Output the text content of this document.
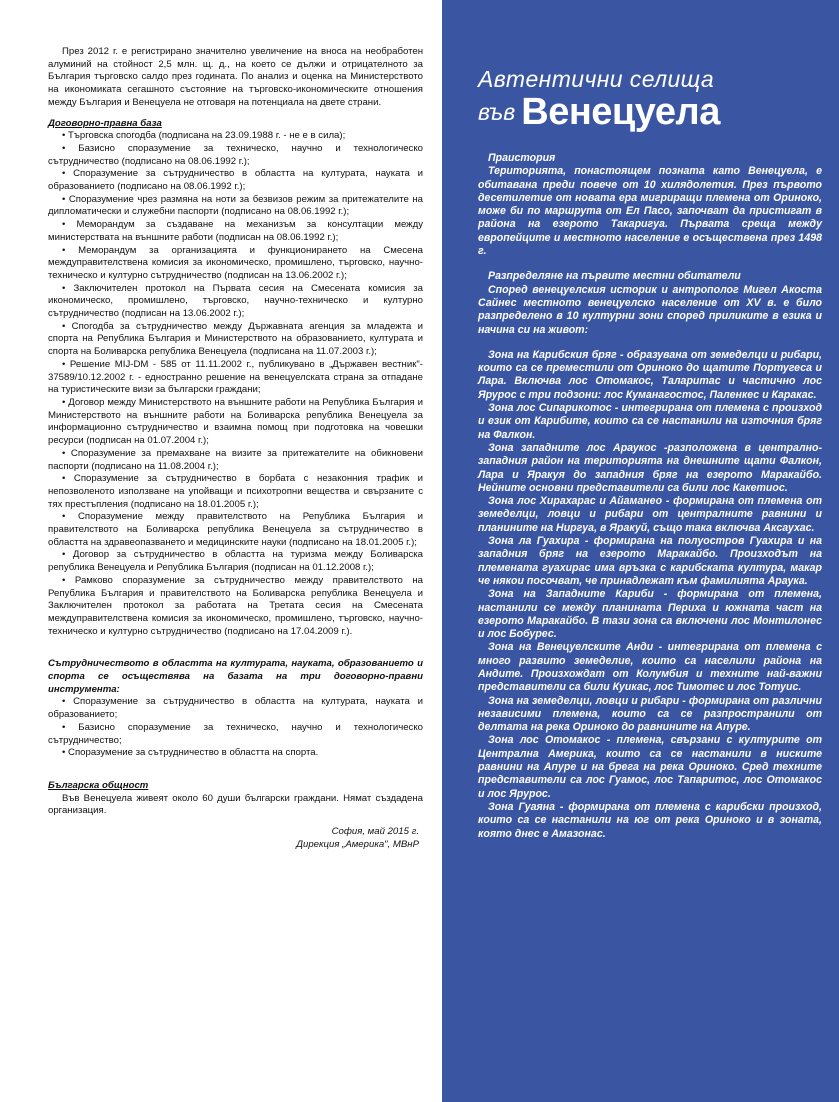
През 2012 г. е регистрирано значително увеличение на вноса на необработен алуминий на стойност 2,5 млн. щ. д., на което се дължи и отрицателното за България търговско салдо през годината. По анализ и оценка на Министерството на икономиката сегашното състояние на търговско-икономическите отношения между България и Венецуела не отговаря на потенциала на двете страни.

Договорно-правна база

• Търговска спогодба (подписана на 23.09.1988 г. - не е в сила);

• Базисно споразумение за техническо, научно и технологическо сътрудничество (подписано на 08.06.1992 г.);

• Споразумение за сътрудничество в областта на културата, науката и образованието (подписано на 08.06.1992 г.);

• Споразумение чрез размяна на ноти за безвизов режим за притежателите на дипломатически и служебни паспорти (подписано на 08.06.1992 г.);

• Меморандум за създаване на механизъм за консултации между министерствата на външните работи (подписан на 08.06.1992 г.);

• Меморандум за организацията и функционирането на Смесена междуправителствена комисия за икономическо, промишлено, търговско, научно-техническо и културно сътрудничество (подписан на 13.06.2002 г.);

• Заключителен протокол на Първата сесия на Смесената комисия за икономическо, промишлено, търговско, научно-техническо и културно сътрудничество (подписан на 13.06.2002 г.);

• Спогодба за сътрудничество между Държавната агенция за младежта и спорта на Република България и Министерството на образованието, културата и спорта на Боливарска република Венецуела (подписана на 11.07.2003 г.);

• Решение MIJ-DM - 585 от 11.11.2002 г., публикувано в „Държавен вестник"- 37589/10.12.2002 г. - едностранно решение на венецуелската страна за отпадане на туристическите визи за български граждани;

• Договор между Министерството на външните работи на Република България и Министерството на външните работи на Боливарска република Венецуела за информационно сътрудничество и взаимна помощ при подготовка на човешки ресурси (подписан на 01.07.2004 г.);

• Споразумение за премахване на визите за притежателите на обикновени паспорти (подписано на 11.08.2004 г.);

• Споразумение за сътрудничество в борбата с незаконния трафик и непозволеното използване на упойващи и психотропни вещества и свързаните с тях престъпления (подписано на 18.01.2005 г.);

• Споразумение между правителството на Република България и правителството на Боливарска република Венецуела за сътрудничество в областта на здравеопазването и медицинските науки (подписано на 18.01.2005 г.);

• Договор за сътрудничество в областта на туризма между Боливарска република Венецуела и Република България (подписан на 01.12.2008 г.);

• Рамково споразумение за сътрудничество между правителството на Република България и правителството на Боливарска република Венецуела и Заключителен протокол за работата на Третата сесия на Смесената междуправителствена комисия за икономическо, промишлено, търговско, научно-техническо и културно сътрудничество (подписано на 17.04.2009 г.).

Сътрудничеството в областта на културата, науката, образованието и спорта се осъществява на базата на три договорно-правни инструмента:

• Споразумение за сътрудничество в областта на културата, науката и образованието;

• Базисно споразумение за техническо, научно и технологическо сътрудничество;

• Споразумение за сътрудничество в областта на спорта.

Българска общност

Във Венецуела живеят около 60 души български граждани. Нямат създадена организация.

София, май 2015 г.

Дирекция „Америка", МВнР

Автентични селища
във Венецуела

Праистория

Територията, понастоящем позната като Венецуела, е обитавана преди повече от 10 хилядолетия. През първото десетилетие от новата ера мигриращи племена от Ориноко, може би по маршрута от Ел Пасо, започват да пристигат в района на езерото Такаригуа. Първата среща между европейците и местното население е осъществена през 1498 г.

Разпределяне на първите местни обитатели

Според венецуелския историк и антрополог Мигел Акоста Сайнес местното венецуелско население от XV в. е било разпределено в 10 културни зони според приликите в езика и начина си на живот:

Зона на Карибския бряг - образувана от земеделци и рибари, които са се преместили от Ориноко до щатите Португеса и Лара. Включва лос Отомакос, Таларитас и частично лос Ярурос с три подзони: лос Куманагостос, Паленкес и Каракас.

Зона лос Сипарикотос - интегрирана от племена с произход и език от Карибите, които са се настанили на източния бряг на Фалкон.

Зона западните лос Араукос -разположена в централно-западния район на територията на днешните щати Фалкон, Лара и Яракуя до западния бряг на езерото Маракайбо. Нейните основни представители са били лос Какетиос.

Зона лос Хирахарас и Айаманео - формирана от племена от земеделци, ловци и рибари от централните равнини и планините на Ниргуа, в Яракуй, също така включва Аксаухас.

Зона ла Гуахира - формирана на полуостров Гуахира и на западния бряг на езерото Маракайбо. Произходът на племената гуахирас има връзка с карибската култура, макар че някои посочват, че принадлежат към фамилията Араука.

Зона на Западните Кариби - формирана от племена, настанили се между планината Периха и южната част на езерото Маракайбо. В тази зона са включени лос Монтилонес и лос Бобурес.

Зона на Венецуелските Анди - интегрирана от племена с много развито земеделие, които са населили района на Андите. Произхождат от Колумбия и техните най-важни представители са били Куикас, лос Тимотес и лос Тотуис.

Зона на земеделци, ловци и рибари - формирана от различни независими племена, които са се разпространили от делтата на река Ориноко до равнините на Апуре.

Зона лос Отомакос - племена, свързани с културите от Централна Америка, които са се настанили в ниските равнини на Апуре и на брега на река Ориноко. Сред техните представители са лос Гуамос, лос Тапаритос, лос Отомакос и лос Ярурос.

Зона Гуаяна - формирана от племена с карибски произход, които са се настанили на юг от река Ориноко и в зоната, която днес е Амазонас.
